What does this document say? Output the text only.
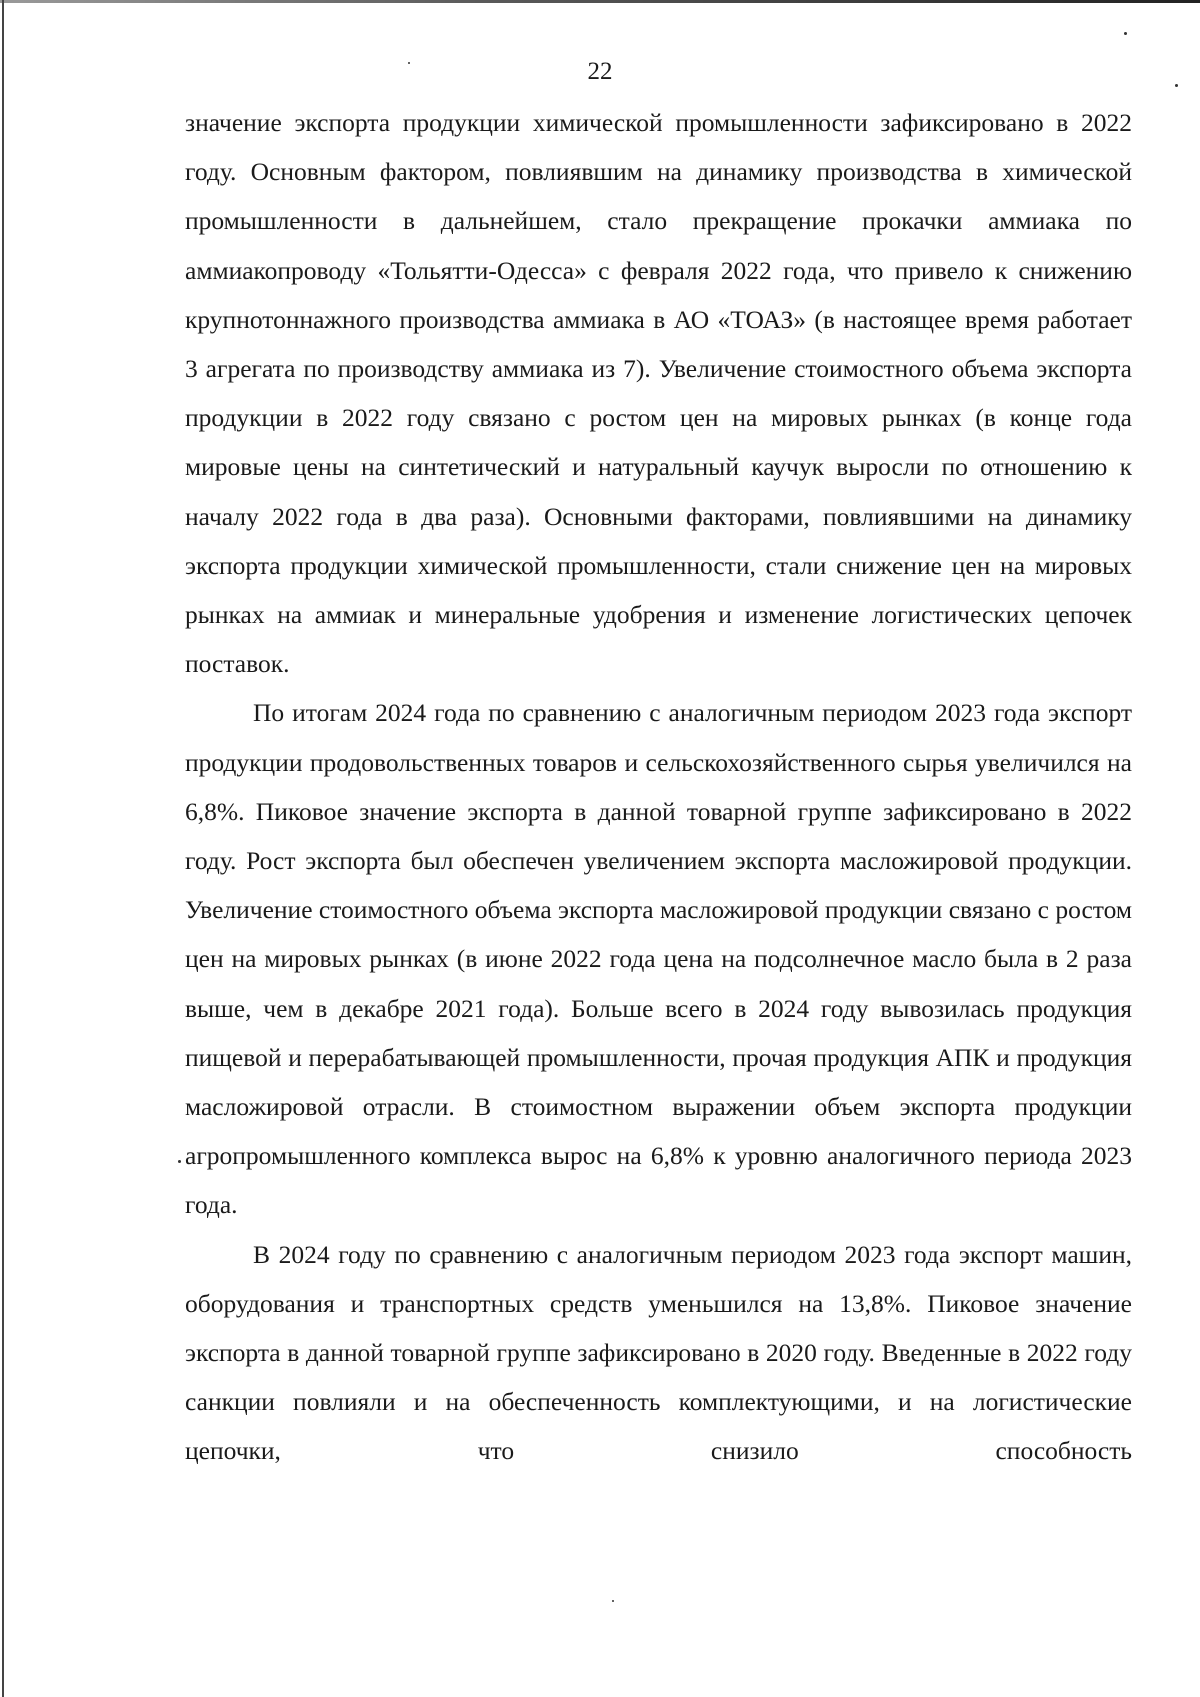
22

значение экспорта продукции химической промышленности зафиксировано в 2022 году. Основным фактором, повлиявшим на динамику производства в химической промышленности в дальнейшем, стало прекращение прокачки аммиака по аммиакопроводу «Тольятти-Одесса» с февраля 2022 года, что привело к снижению крупнотоннажного производства аммиака в АО «ТОАЗ» (в настоящее время работает 3 агрегата по производству аммиака из 7). Увеличение стоимостного объема экспорта продукции в 2022 году связано с ростом цен на мировых рынках (в конце года мировые цены на синтетический и натуральный каучук выросли по отношению к началу 2022 года в два раза). Основными факторами, повлиявшими на динамику экспорта продукции химической промышленности, стали снижение цен на мировых рынках на аммиак и минеральные удобрения и изменение логистических цепочек поставок.

По итогам 2024 года по сравнению с аналогичным периодом 2023 года экспорт продукции продовольственных товаров и сельскохозяйственного сырья увеличился на 6,8%. Пиковое значение экспорта в данной товарной группе зафиксировано в 2022 году. Рост экспорта был обеспечен увеличением экспорта масложировой продукции. Увеличение стоимостного объема экспорта масложировой продукции связано с ростом цен на мировых рынках (в июне 2022 года цена на подсолнечное масло была в 2 раза выше, чем в декабре 2021 года). Больше всего в 2024 году вывозилась продукция пищевой и перерабатывающей промышленности, прочая продукция АПК и продукция масложировой отрасли. В стоимостном выражении объем экспорта продукции агропромышленного комплекса вырос на 6,8% к уровню аналогичного периода 2023 года.

В 2024 году по сравнению с аналогичным периодом 2023 года экспорт машин, оборудования и транспортных средств уменьшился на 13,8%. Пиковое значение экспорта в данной товарной группе зафиксировано в 2020 году. Введенные в 2022 году санкции повлияли и на обеспеченность комплектующими, и на логистические цепочки, что снизило способность
